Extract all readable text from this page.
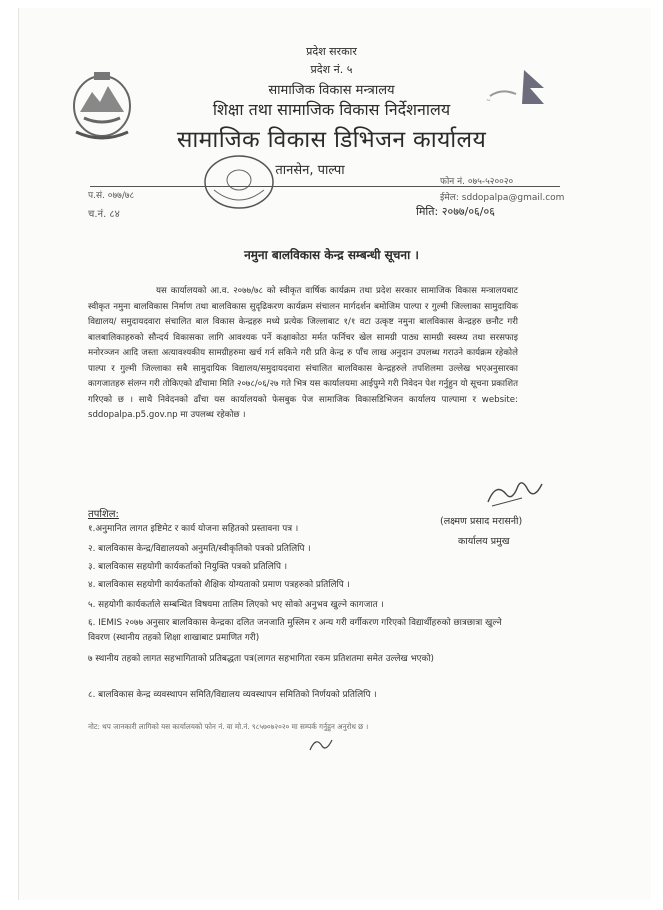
~
प्रदेश सरकार
प्रदेश नं. ५
सामाजिक विकास मन्त्रालय
शिक्षा तथा सामाजिक विकास निर्देशनालय
सामाजिक विकास डिभिजन कार्यालय
तानसेन, पाल्पा
फोन नं. ०७५-५२००२०
ईमेल: sddopalpa@gmail.com
प.सं. ०७७/७८
च.नं. ८४	मिति: २०७७/०६/०६
नमुना बालविकास केन्द्र सम्बन्धी सूचना ।

यस कार्यालयको आ.व. २०७७/७८ को स्वीकृत वार्षिक कार्यक्रम तथा प्रदेश सरकार सामाजिक विकास मन्त्रालयबाट स्वीकृत नमुना बालविकास निर्माण तथा बालविकास सुदृढिकरण कार्यक्रम संचालन मार्गदर्शन बमोजिम पाल्पा र गुल्मी जिल्लाका सामुदायिक विद्यालय/ समुदायदवारा संचालित बाल विकास केन्द्रहरु मध्ये प्रत्येक जिल्लाबाट १/१ वटा उत्कृष्ट नमुना बालविकास केन्द्रहरु छनौट गरी बालबालिकाहरुको सौन्दर्य विकासका लागि आवश्यक पर्ने कक्षाकोठा मर्मत फर्निचर खेल सामग्री पाठ्य सामग्री स्वस्थ्य तथा सरसफाइ मनोरञ्जन आदि जस्ता अत्यावश्यकीय सामग्रीहरुमा खर्च गर्न सकिने गरी प्रति केन्द्र रु पाँच लाख अनुदान उपलब्ध गराउने कार्यक्रम रहेकोले पाल्पा र गुल्मी जिल्लाका सबै सामुदायिक विद्यालय/समुदायदवारा संचालित बालविकास केन्द्रहरुले तपशिलमा उल्लेख भएअनुसारका कागजातहरु संलग्न गरी तोकिएको ढाँचामा मिति २०७८/०६/२७ गते भित्र यस कार्यालयमा आईपुग्ने गरी निवेदन पेश गर्नुहुन यो सूचना प्रकाशित गरिएको छ । साथै निवेदनको ढाँचा यस कार्यालयको फेसबुक पेज सामाजिक विकासडिभिजन कार्यालय पाल्पामा र website: sddopalpa.p5.gov.np मा उपलब्ध रहेकोछ ।

(लक्ष्मण प्रसाद मरासनी)
कार्यालय प्रमुख
तपशिल:
१.अनुमानित लागत इष्टिमेट र कार्य योजना सहितको प्रस्तावना पत्र ।
२. बालविकास केन्द्र/विद्यालयको अनुमति/स्वीकृतिको पत्रको प्रतिलिपि ।
३. बालविकास सहयोगी कार्यकर्ताको नियुक्ति पत्रको प्रतिलिपि ।
४. बालविकास सहयोगी कार्यकर्ताको शैक्षिक योग्यताको प्रमाण पत्रहरुको प्रतिलिपि ।
५. सहयोगी कार्यकर्ताले सम्बन्धित विषयमा तालिम लिएको भए सोको अनुभव खुल्ने कागजात ।
६. IEMIS २०७७ अनुसार बालविकास केन्द्रका दलित जनजाति मुस्लिम र अन्य गरी वर्गीकरण गरिएको विद्यार्थीहरुको छात्रछात्रा खुल्ने विवरण (स्थानीय तहको शिक्षा शाखाबाट प्रमाणित गरी)
७ स्थानीय तहको लागत सहभागिताको प्रतिबद्धता पत्र(लागत सहभागिता रकम प्रतिशतमा समेत उल्लेख भएको)
८. बालविकास केन्द्र व्यवस्थापन समिति/विद्यालय व्यवस्थापन समितिको निर्णयको प्रतिलिपि ।
नोट: थप जानकारी लागिको यस कार्यालयको फोन नं. वा मो.नं. ९८५७०७२०२० मा सम्पर्क गर्नुहुन अनुरोध छ ।
